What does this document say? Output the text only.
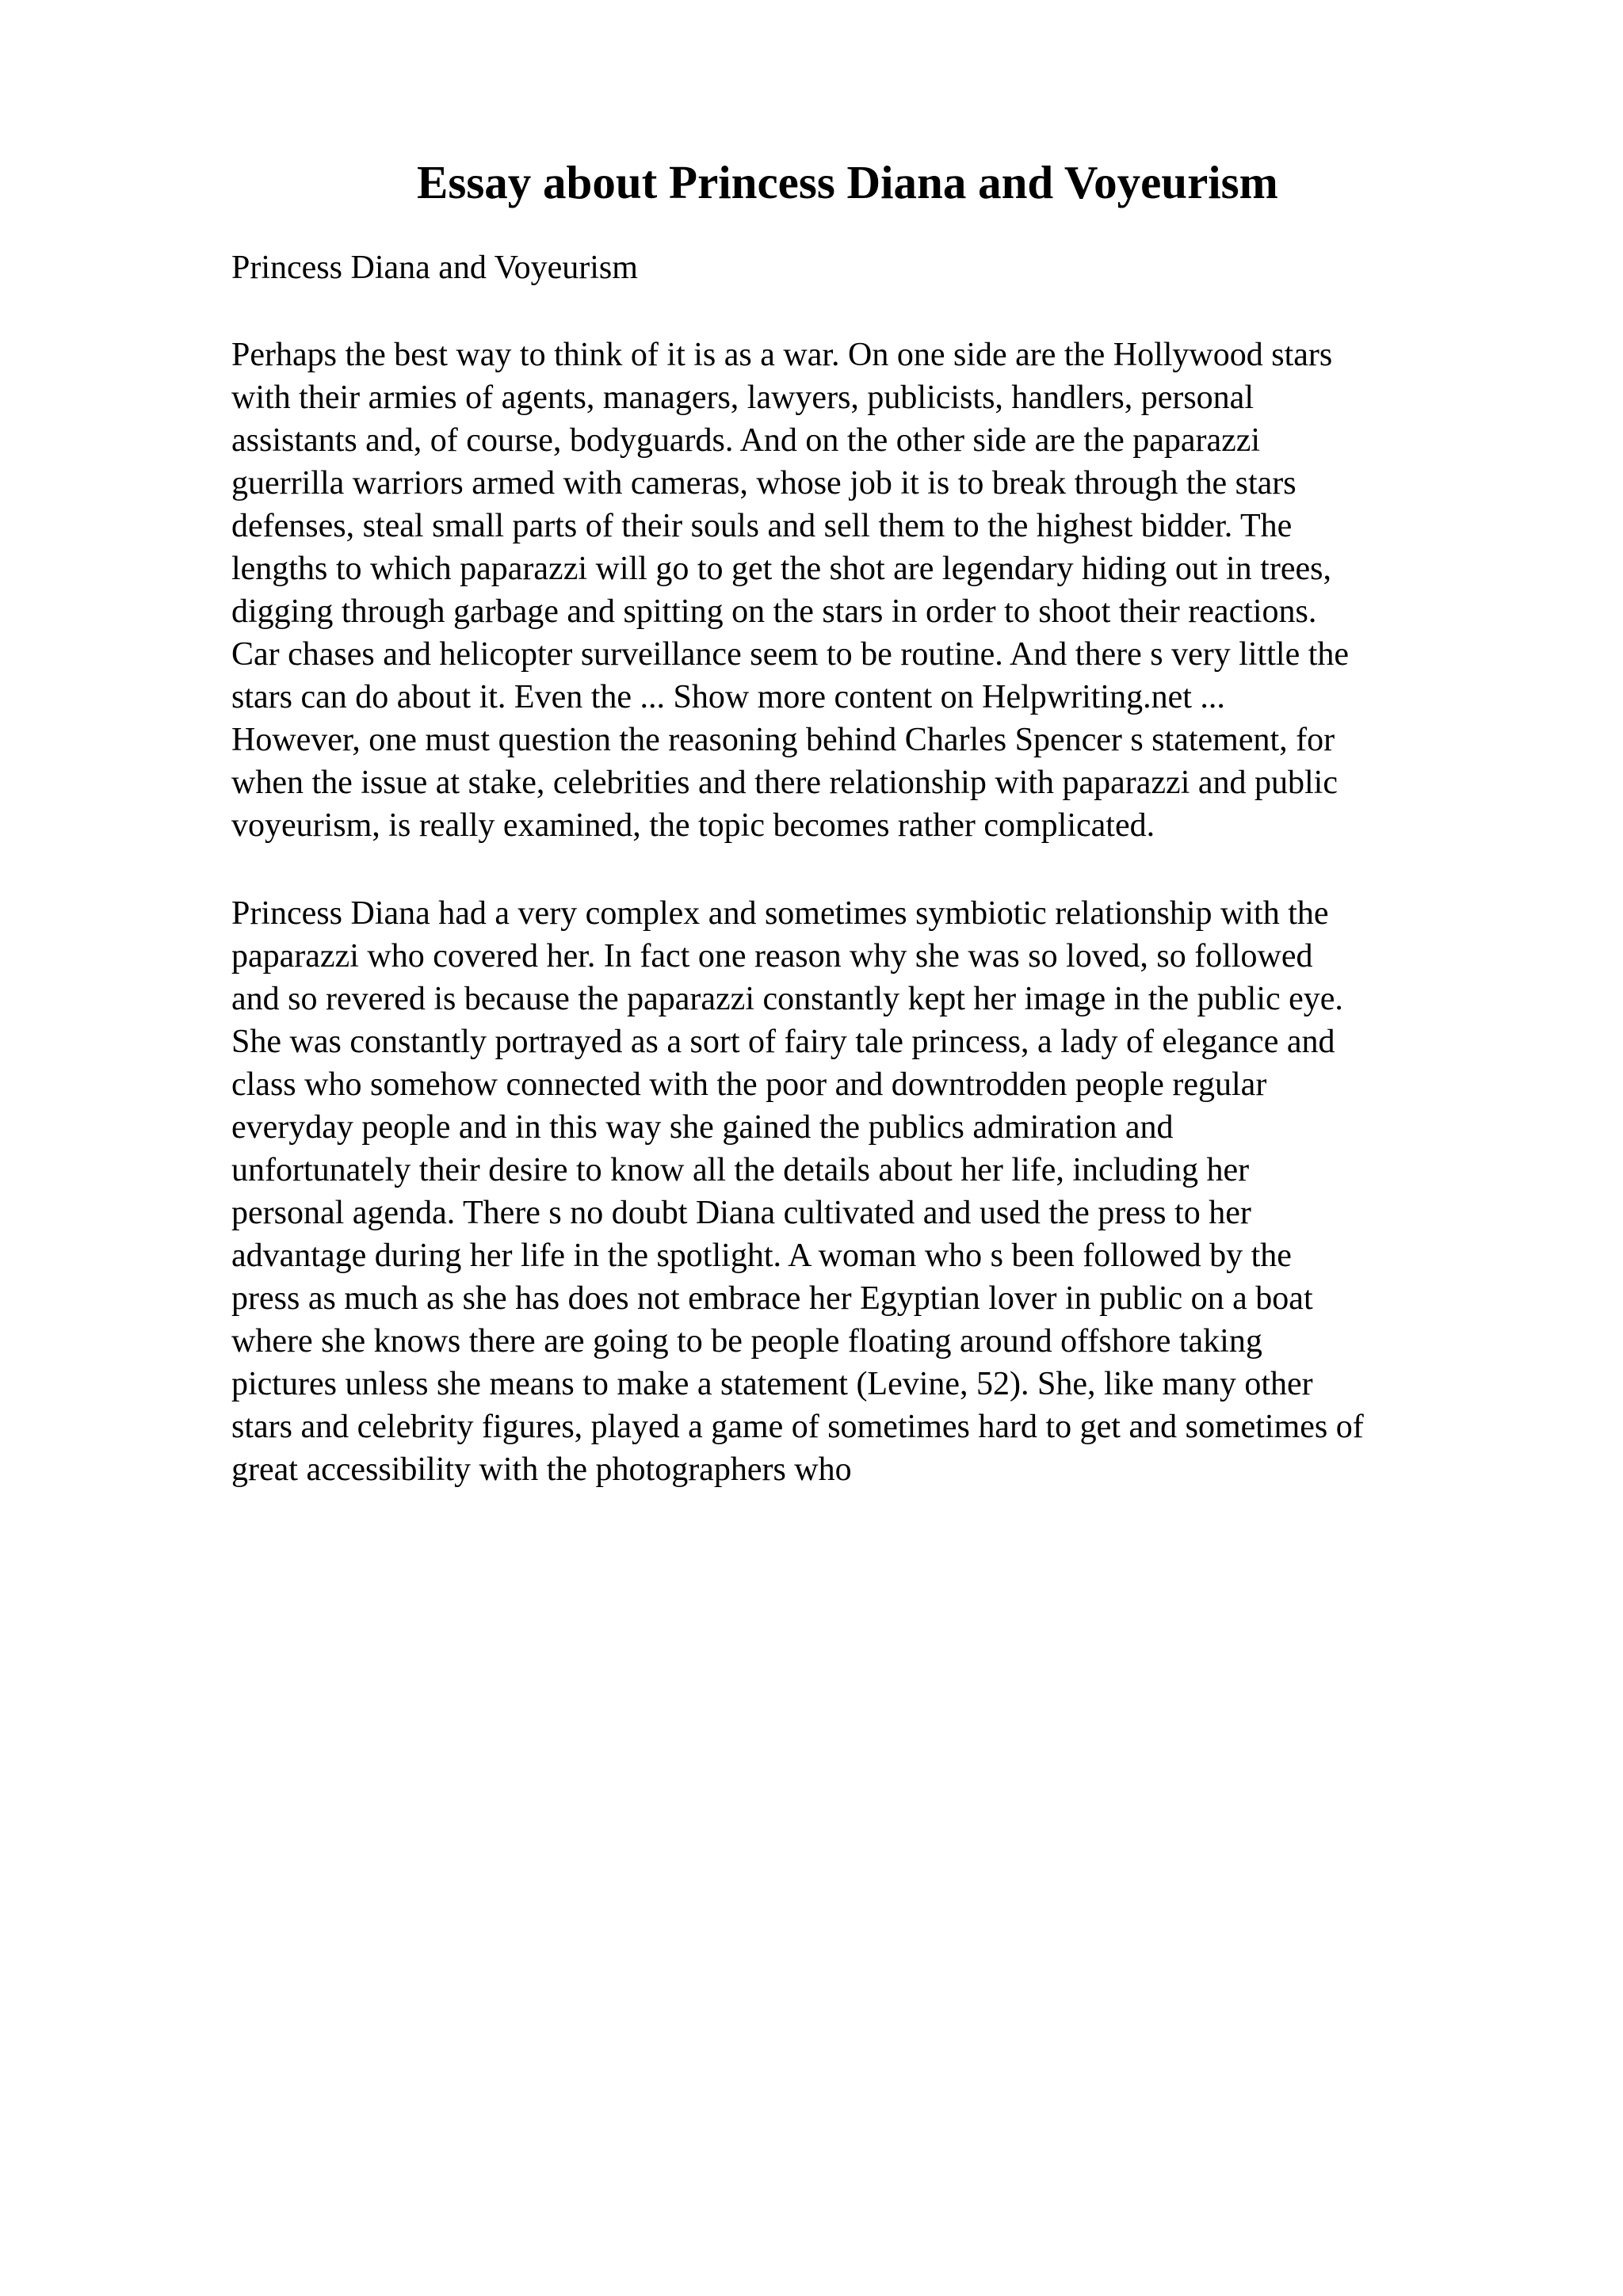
Essay about Princess Diana and Voyeurism
Princess Diana and Voyeurism
Perhaps the best way to think of it is as a war. On one side are the Hollywood stars
with their armies of agents, managers, lawyers, publicists, handlers, personal
assistants and, of course, bodyguards. And on the other side are the paparazzi
guerrilla warriors armed with cameras, whose job it is to break through the stars
defenses, steal small parts of their souls and sell them to the highest bidder. The
lengths to which paparazzi will go to get the shot are legendary hiding out in trees,
digging through garbage and spitting on the stars in order to shoot their reactions.
Car chases and helicopter surveillance seem to be routine. And there s very little the
stars can do about it. Even the ... Show more content on Helpwriting.net ...
However, one must question the reasoning behind Charles Spencer s statement, for
when the issue at stake, celebrities and there relationship with paparazzi and public
voyeurism, is really examined, the topic becomes rather complicated.
Princess Diana had a very complex and sometimes symbiotic relationship with the
paparazzi who covered her. In fact one reason why she was so loved, so followed
and so revered is because the paparazzi constantly kept her image in the public eye.
She was constantly portrayed as a sort of fairy tale princess, a lady of elegance and
class who somehow connected with the poor and downtrodden people regular
everyday people and in this way she gained the publics admiration and
unfortunately their desire to know all the details about her life, including her
personal agenda. There s no doubt Diana cultivated and used the press to her
advantage during her life in the spotlight. A woman who s been followed by the
press as much as she has does not embrace her Egyptian lover in public on a boat
where she knows there are going to be people floating around offshore taking
pictures unless she means to make a statement (Levine, 52). She, like many other
stars and celebrity figures, played a game of sometimes hard to get and sometimes of
great accessibility with the photographers who
